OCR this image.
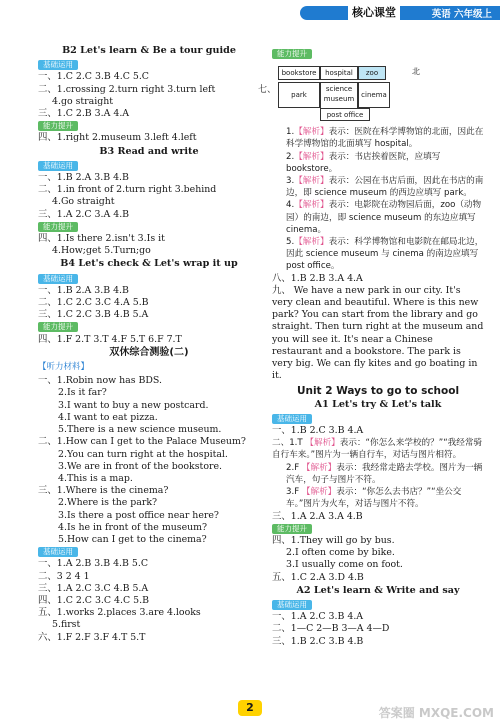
核心课堂	英语 六年级上
B2 Let's learn & Be a tour guide
基础运用
一、1.C 2.C 3.B 4.C 5.C
二、1.crossing 2.turn right 3.turn left
4.go straight
三、1.C 2.B 3.A 4.A
能力提升
四、1.right 2.museum 3.left 4.left
B3 Read and write
基础运用
一、1.B 2.A 3.B 4.B
二、1.in front of 2.turn right 3.behind
4.Go straight
三、1.A 2.C 3.A 4.B
能力提升
四、1.Is there 2.isn't 3.Is it
4.How;get 5.Turn;go
B4 Let's check & Let's wrap it up
基础运用
一、1.B 2.A 3.B 4.B
二、1.C 2.C 3.C 4.A 5.B
三、1.C 2.C 3.B 4.B 5.A
能力提升
四、1.F 2.T 3.T 4.F 5.T 6.F 7.T
双休综合测验(二)
【听力材料】
一、1.Robin now has BDS.
2.Is it far?
3.I want to buy a new postcard.
4.I want to eat pizza.
5.There is a new science museum.
二、1.How can I get to the Palace Museum?
2.You can turn right at the hospital.
3.We are in front of the bookstore.
4.This is a map.
三、1.Where is the cinema?
2.Where is the park?
3.Is there a post office near here?
4.Is he in front of the museum?
5.How can I get to the cinema?
基础运用
一、1.A 2.B 3.B 4.B 5.C
二、3 2 4 1
三、1.A 2.C 3.C 4.B 5.A
四、1.C 2.C 3.C 4.C 5.B
五、1.works 2.places 3.are 4.looks
5.first
六、1.F 2.F 3.F 4.T 5.T
能力提升
七、
bookstore	hospital	zoo	北
park
science museum cinema
post office
1.【解析】表示：医院在科学博物馆的北面，因此在科学博物馆的北面填写 hospital。
2.【解析】表示：书店挨着医院，应填写 bookstore。
3.【解析】表示：公园在书店后面，因此在书店的南边，即 science museum 的西边应填写 park。
4.【解析】表示：电影院在动物园后面，zoo（动物园）的南边，即 science museum 的东边应填写 cinema。
5.【解析】表示：科学博物馆和电影院在邮局北边，因此 science museum 与 cinema 的南边应填写 post office。
八、1.B 2.B 3.A 4.A
九、 We have a new park in our city. It's very clean and beautiful. Where is this new park? You can start from the library and go straight. Then turn right at the museum and you will see it. It's near a Chinese restaurant and a bookstore. The park is very big. We can fly kites and go boating in it.
Unit 2 Ways to go to school
A1 Let's try & Let's talk
基础运用
一、1.B 2.C 3.B 4.A
二、1.T 【解析】表示：“你怎么来学校的？”“我经常骑自行车来。”图片为一辆自行车，对话与图片相符。
2.F 【解析】表示：我经常走路去学校。图片为一辆汽车，句子与图片不符。
3.F 【解析】表示：“你怎么去书店？”“坐公交车。”图片为火车，对话与图片不符。
三、1.A 2.A 3.A 4.B
能力提升
四、1.They will go by bus.
2.I often come by bike.
3.I usually come on foot.
五、1.C 2.A 3.D 4.B
A2 Let's learn & Write and say
基础运用
一、1.A 2.C 3.B 4.A
二、1—C 2—B 3—A 4—D
三、1.B 2.C 3.B 4.B
2	答案圈 MXQE.COM
